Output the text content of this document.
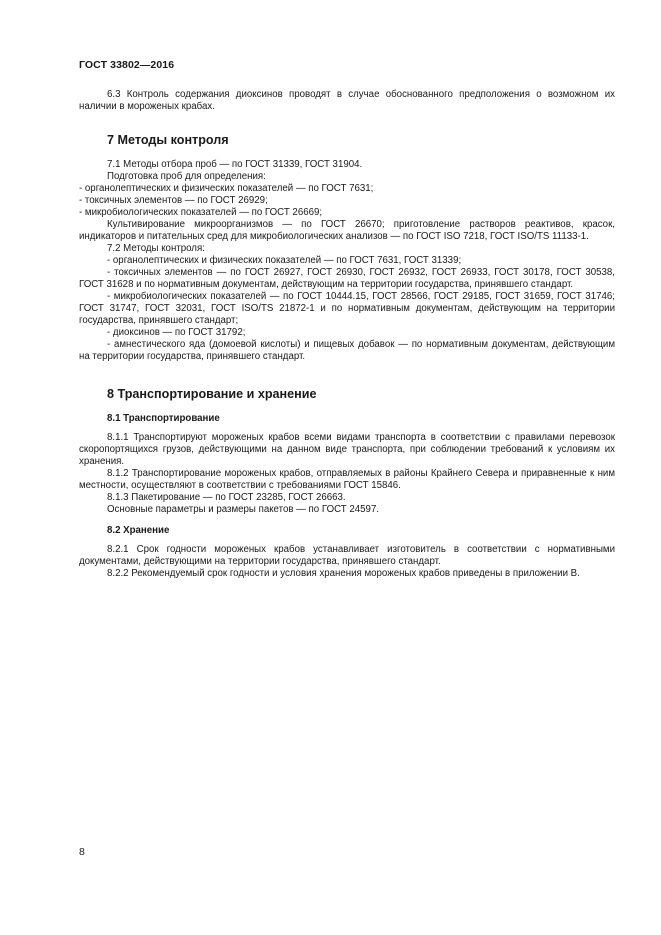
ГОСТ 33802—2016

6.3 Контроль содержания диоксинов проводят в случае обоснованного предположения о возможном их наличии в мороженых крабах.

7 Методы контроля

7.1 Методы отбора проб — по ГОСТ 31339, ГОСТ 31904.

Подготовка проб для определения:

- органолептических и физических показателей — по ГОСТ 7631;

- токсичных элементов — по ГОСТ 26929;

- микробиологических показателей — по ГОСТ 26669;

Культивирование микроорганизмов — по ГОСТ 26670; приготовление растворов реактивов, красок, индикаторов и питательных сред для микробиологических анализов — по ГОСТ ISO 7218, ГОСТ ISO/TS 11133-1.

7.2 Методы контроля:

- органолептических и физических показателей — по ГОСТ 7631, ГОСТ 31339;

- токсичных элементов — по ГОСТ 26927, ГОСТ 26930, ГОСТ 26932, ГОСТ 26933, ГОСТ 30178, ГОСТ 30538, ГОСТ 31628 и по нормативным документам, действующим на территории государства, принявшего стандарт.

- микробиологических показателей — по ГОСТ 10444.15, ГОСТ 28566, ГОСТ 29185, ГОСТ 31659, ГОСТ 31746; ГОСТ 31747, ГОСТ 32031, ГОСТ ISO/TS 21872-1 и по нормативным документам, действующим на территории государства, принявшего стандарт;

- диоксинов — по ГОСТ 31792;

- амнестического яда (домоевой кислоты) и пищевых добавок — по нормативным документам, действующим на территории государства, принявшего стандарт.

8 Транспортирование и хранение
8.1 Транспортирование

8.1.1 Транспортируют мороженых крабов всеми видами транспорта в соответствии с правилами перевозок скоропортящихся грузов, действующими на данном виде транспорта, при соблюдении требований к условиям их хранения.

8.1.2 Транспортирование мороженых крабов, отправляемых в районы Крайнего Севера и приравненные к ним местности, осуществляют в соответствии с требованиями ГОСТ 15846.

8.1.3 Пакетирование — по ГОСТ 23285, ГОСТ 26663.

Основные параметры и размеры пакетов — по ГОСТ 24597.

8.2 Хранение

8.2.1 Срок годности мороженых крабов устанавливает изготовитель в соответствии с нормативными документами, действующими на территории государства, принявшего стандарт.

8.2.2 Рекомендуемый срок годности и условия хранения мороженых крабов приведены в приложении В.

8
